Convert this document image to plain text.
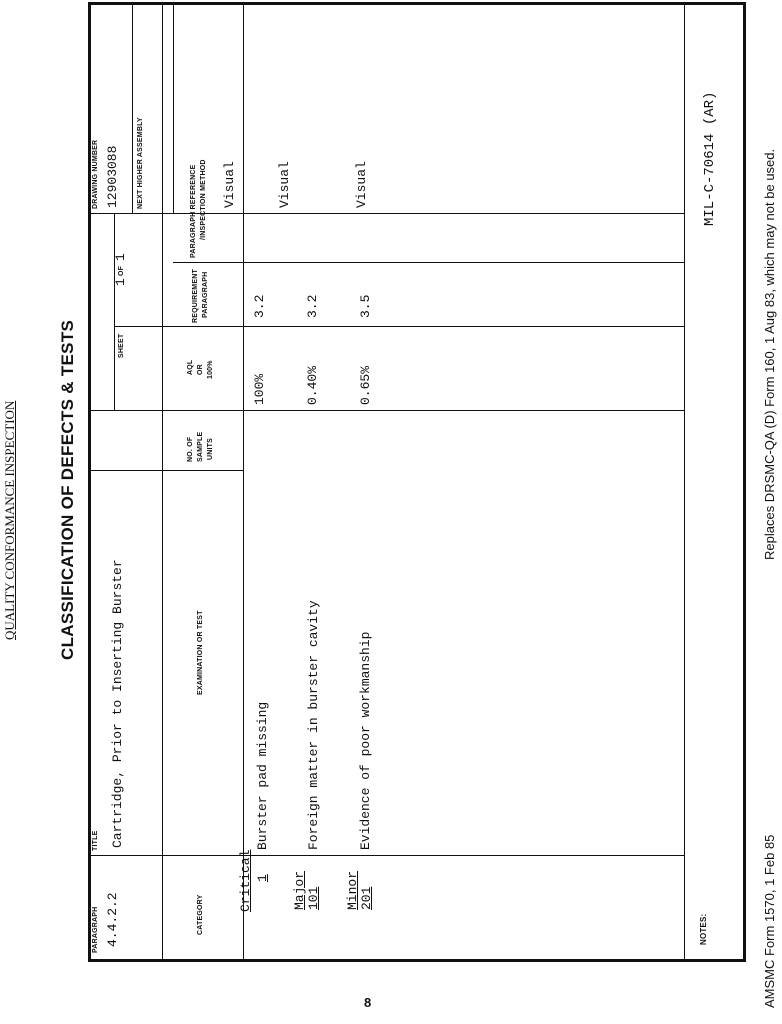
QUALITY CONFORMANCE INSPECTION CLASSIFICATION OF DEFECTS & TESTS
MIL-C-70614 (AR)
PARAGRAPH 4.4.2.2
TITLE Cartridge, Prior to Inserting Burster
SHEET
1
OF
1
DRAWING NUMBER 12903088 NEXT HIGHER ASSEMBLY
CATEGORY
EXAMINATION OR TEST
NO. OF SAMPLE UNITS
AQL OR 100%
REQUIREMENT PARAGRAPH
PARAGRAPH REFERENCE /INSPECTION METHOD
Critical 1
Burster pad missing
100%
3.2
Visual
Major 101
Foreign matter in burster cavity
0.40%
3.2
Visual
Minor 201
Evidence of poor workmanship
0.65%
3.5
Visual
NOTES:	AMSMC Form 1570, 1 Feb 85
Replaces DRSMC-QA (D) Form 160, 1 Aug 83, which may not be used.
8
